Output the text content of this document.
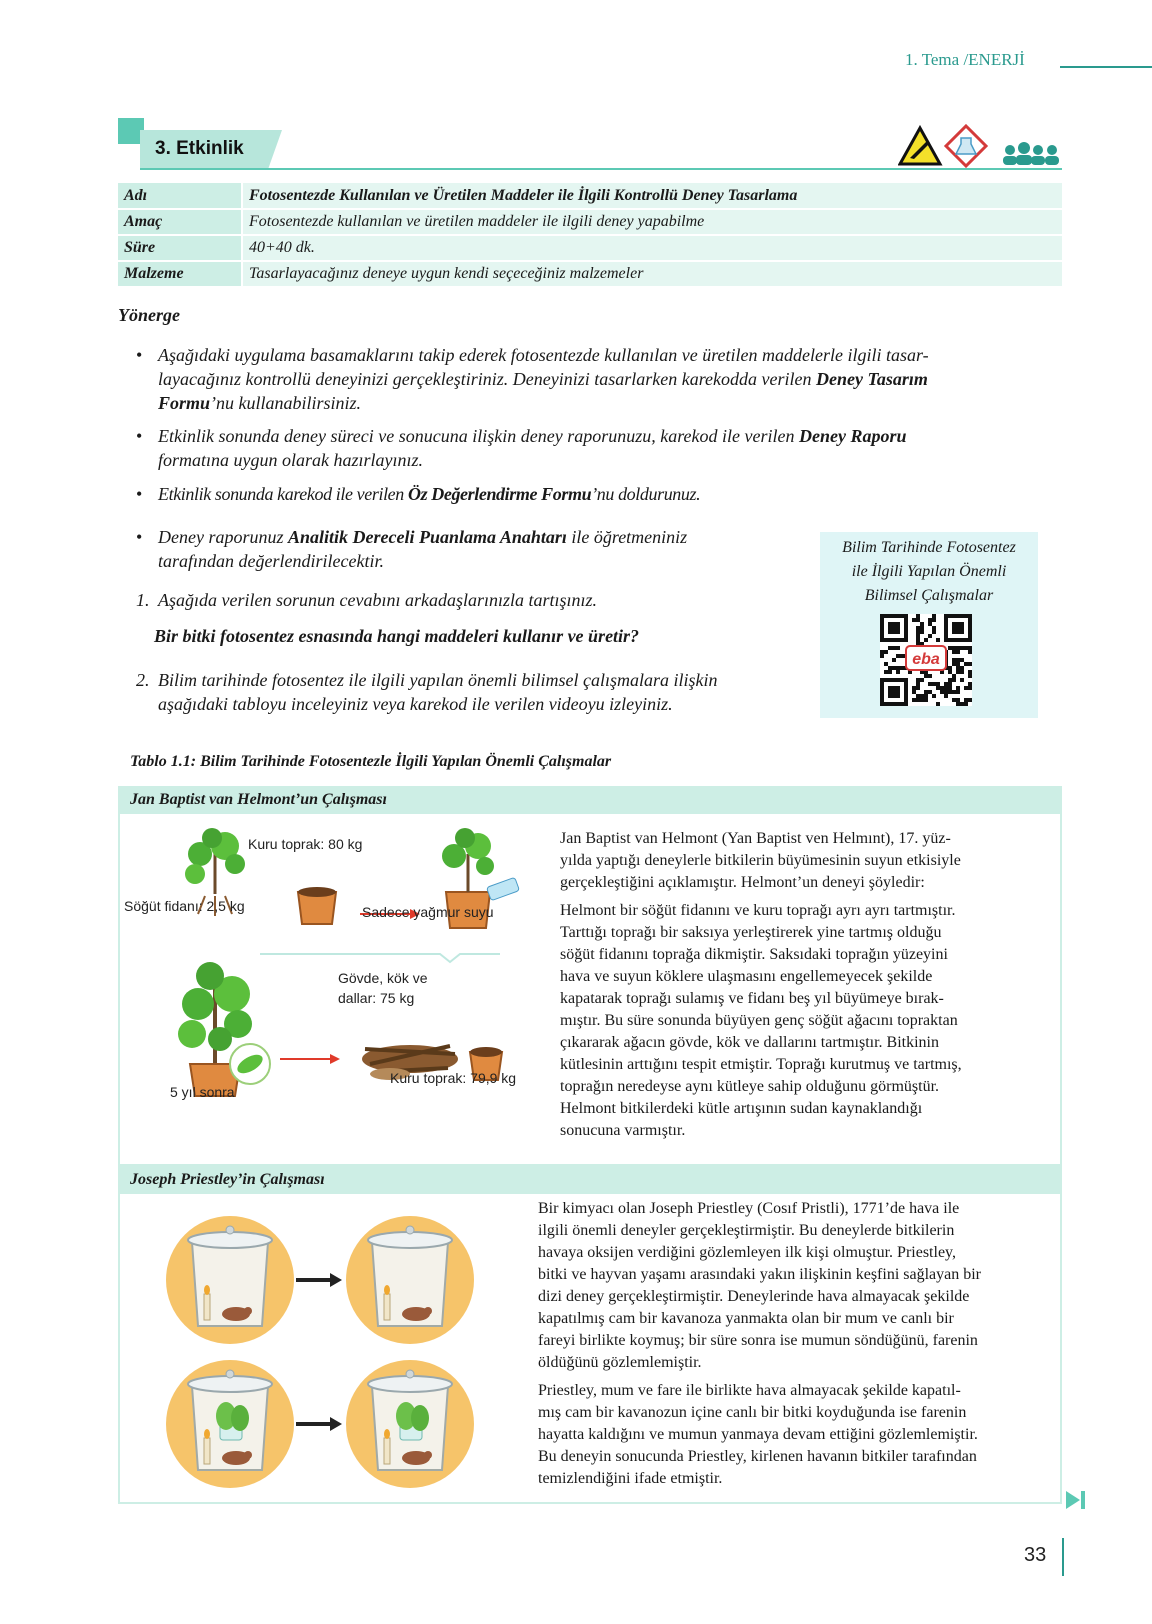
1. Tema /ENERJİ
3. Etkinlik
Adı	Fotosentezde Kullanılan ve Üretilen Maddeler ile İlgili Kontrollü Deney Tasarlama
Amaç	Fotosentezde kullanılan ve üretilen maddeler ile ilgili deney yapabilme
Süre	40+40 dk.
Malzeme	Tasarlayacağınız deneye uygun kendi seçeceğiniz malzemeler
Yönerge
• Aşağıdaki uygulama basamaklarını takip ederek fotosentezde kullanılan ve üretilen maddelerle ilgili tasar-
layacağınız kontrollü deneyinizi gerçekleştiriniz. Deneyinizi tasarlarken karekodda verilen Deney Tasarım
Formu’nu kullanabilirsiniz.
• Etkinlik sonunda deney süreci ve sonucuna ilişkin deney raporunuzu, karekod ile verilen Deney Raporu
formatına uygun olarak hazırlayınız.
• Etkinlik sonunda karekod ile verilen Öz Değerlendirme Formu’nu doldurunuz.
• Deney raporunuz Analitik Dereceli Puanlama Anahtarı ile öğretmeniniz
tarafından değerlendirilecektir.
Bilim Tarihinde Fotosentez
ile İlgili Yapılan Önemli
Bilimsel Çalışmalar
eba
1. Aşağıda verilen sorunun cevabını arkadaşlarınızla tartışınız.
Bir bitki fotosentez esnasında hangi maddeleri kullanır ve üretir?
2. Bilim tarihinde fotosentez ile ilgili yapılan önemli bilimsel çalışmalara ilişkin
aşağıdaki tabloyu inceleyiniz veya karekod ile verilen videoyu izleyiniz.
Tablo 1.1: Bilim Tarihinde Fotosentezle İlgili Yapılan Önemli Çalışmalar
Jan Baptist van Helmont’un Çalışması
Kuru toprak: 80 kg
Söğüt fidanı: 2,5 kg	Sadece yağmur suyu
Gövde, kök ve
dallar: 75 kg
5 yıl sonra
Kuru toprak: 79,9 kg

Jan Baptist van Helmont (Yan Baptist ven Helmınt), 17. yüz-
yılda yaptığı deneylerle bitkilerin büyümesinin suyun etkisiyle
gerçekleştiğini açıklamıştır. Helmont’un deneyi şöyledir:

Helmont bir söğüt fidanını ve kuru toprağı ayrı ayrı tartmıştır.
Tarttığı toprağı bir saksıya yerleştirerek yine tartmış olduğu
söğüt fidanını toprağa dikmiştir. Saksıdaki toprağın yüzeyini
hava ve suyun köklere ulaşmasını engellemeyecek şekilde
kapatarak toprağı sulamış ve fidanı beş yıl büyümeye bırak-
mıştır. Bu süre sonunda büyüyen genç söğüt ağacını topraktan
çıkararak ağacın gövde, kök ve dallarını tartmıştır. Bitkinin
kütlesinin arttığını tespit etmiştir. Toprağı kurutmuş ve tartmış,
toprağın neredeyse aynı kütleye sahip olduğunu görmüştür.
Helmont bitkilerdeki kütle artışının sudan kaynaklandığı
sonucuna varmıştır.

Joseph Priestley’in Çalışması

Bir kimyacı olan Joseph Priestley (Cosıf Pristli), 1771’de hava ile
ilgili önemli deneyler gerçekleştirmiştir. Bu deneylerde bitkilerin
havaya oksijen verdiğini gözlemleyen ilk kişi olmuştur. Priestley,
bitki ve hayvan yaşamı arasındaki yakın ilişkinin keşfini sağlayan bir
dizi deney gerçekleştirmiştir. Deneylerinde hava almayacak şekilde
kapatılmış cam bir kavanoza yanmakta olan bir mum ve canlı bir
fareyi birlikte koymuş; bir süre sonra ise mumun söndüğünü, farenin
öldüğünü gözlemlemiştir.

Priestley, mum ve fare ile birlikte hava almayacak şekilde kapatıl-
mış cam bir kavanozun içine canlı bir bitki koyduğunda ise farenin
hayatta kaldığını ve mumun yanmaya devam ettiğini gözlemlemiştir.
Bu deneyin sonucunda Priestley, kirlenen havanın bitkiler tarafından
temizlendiğini ifade etmiştir.

33
